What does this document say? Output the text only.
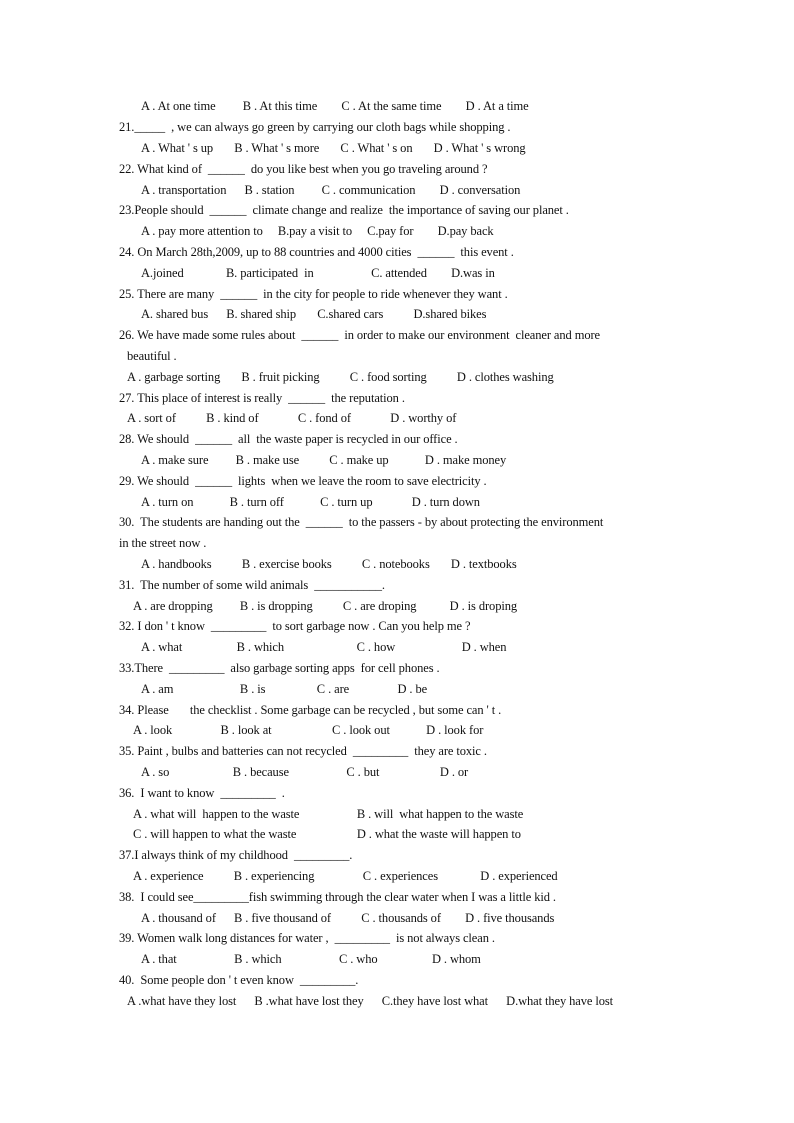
A . At one time         B . At this time        C . At the same time        D . At a time
21._____  , we can always go green by carrying our cloth bags while shopping .
A . What ' s up       B . What ' s more       C . What ' s on       D . What ' s wrong
22. What kind of  ______  do you like best when you go traveling around ?
A . transportation      B . station         C . communication        D . conversation
23.People should  ______  climate change and realize  the importance of saving our planet .
A . pay more attention to     B.pay a visit to     C.pay for        D.pay back
24. On March 28th,2009, up to 88 countries and 4000 cities  ______  this event .
A.joined              B. participated  in                   C. attended        D.was in
25. There are many  ______  in the city for people to ride whenever they want .
A. shared bus      B. shared ship       C.shared cars          D.shared bikes
26. We have made some rules about  ______  in order to make our environment  cleaner and more
beautiful .
A . garbage sorting       B . fruit picking          C . food sorting          D . clothes washing
27. This place of interest is really  ______  the reputation .
A . sort of          B . kind of             C . fond of             D . worthy of
28. We should  ______  all  the waste paper is recycled in our office .
A . make sure         B . make use          C . make up            D . make money
29. We should  ______  lights  when we leave the room to save electricity .
A . turn on            B . turn off            C . turn up             D . turn down
30.  The students are handing out the  ______  to the passers - by about protecting the environment
in the street now .
A . handbooks          B . exercise books          C . notebooks       D . textbooks
31.  The number of some wild animals  ___________.
A . are dropping         B . is dropping          C . are droping           D . is droping
32. I don ' t know  _________  to sort garbage now . Can you help me ?
A . what                  B . which                        C . how                      D . when
33.There  _________  also garbage sorting apps  for cell phones .
A . am                      B . is                 C . are                D . be
34. Please       the checklist . Some garbage can be recycled , but some can ' t .
A . look                B . look at                    C . look out            D . look for
35. Paint , bulbs and batteries can not recycled  _________  they are toxic .
A . so                     B . because                   C . but                    D . or
36.  I want to know  _________  .
A . what will  happen to the waste                   B . will  what happen to the waste
C . will happen to what the waste                    D . what the waste will happen to
37.I always think of my childhood  _________.
A . experience          B . experiencing                C . experiences              D . experienced
38.  I could see_________fish swimming through the clear water when I was a little kid .
A . thousand of      B . five thousand of          C . thousands of        D . five thousands
39. Women walk long distances for water ,  _________  is not always clean .
A . that                   B . which                   C . who                  D . whom
40.  Some people don ' t even know  _________.
A .what have they lost      B .what have lost they      C.they have lost what      D.what they have lost
